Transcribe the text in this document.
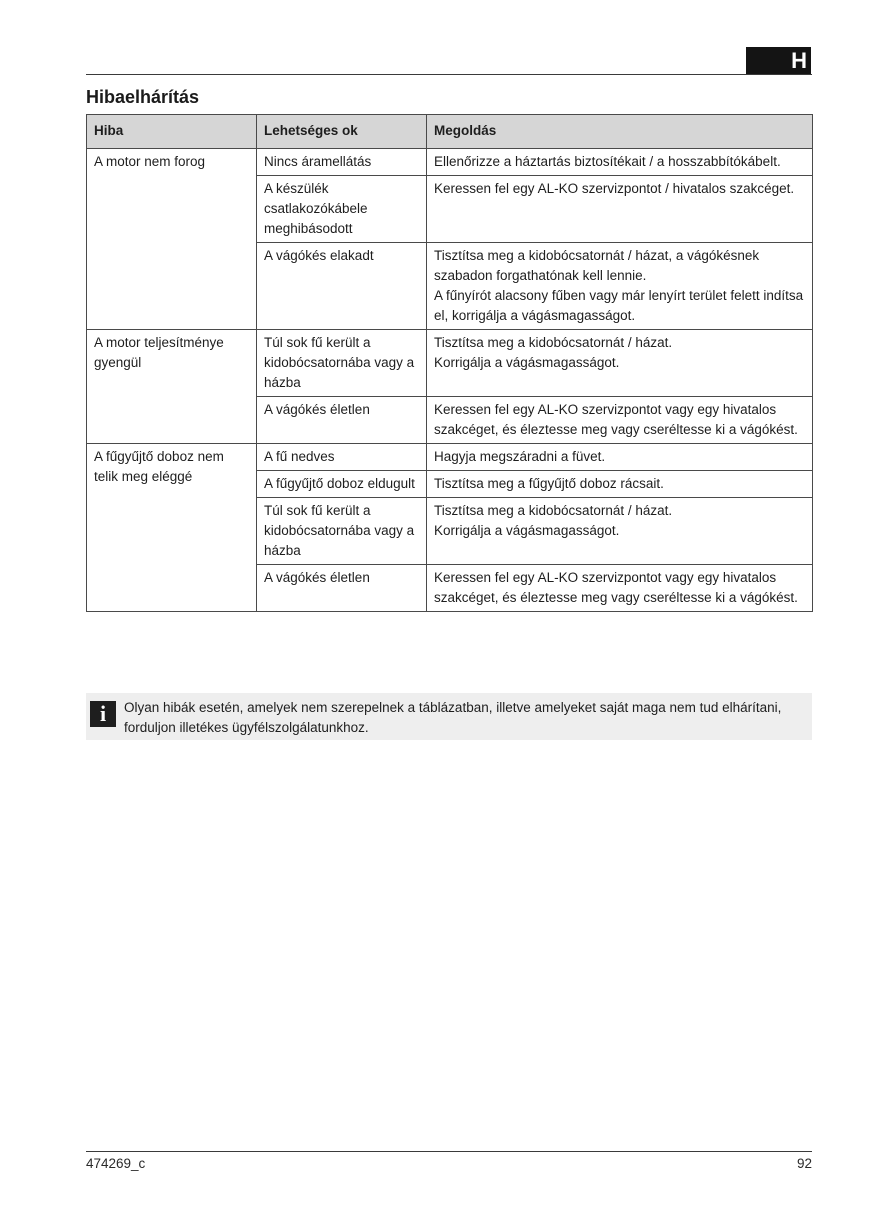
H
Hibaelhárítás
Hiba	Lehetséges ok	Megoldás
A motor nem forog	Nincs áramellátás	Ellenőrizze a háztartás biztosítékait / a hosszabbítókábelt.
	A készülék csatlakozókábele meghibásodott	Keressen fel egy AL-KO szervizpontot / hivatalos szakcéget.
	A vágókés elakadt	Tisztítsa meg a kidobócsatornát / házat, a vágókésnek szabadon forgathatónak kell lennie.
A fűnyírót alacsony fűben vagy már lenyírt terület felett indítsa el, korrigálja a vágásmagasságot.
A motor teljesítménye gyengül	Túl sok fű került a kidobócsatornába vagy a házba	Tisztítsa meg a kidobócsatornát / házat.
Korrigálja a vágásmagasságot.
	A vágókés életlen	Keressen fel egy AL-KO szervizpontot vagy egy hivatalos szakcéget, és éleztesse meg vagy cseréltesse ki a vágókést.
A fűgyűjtő doboz nem telik meg eléggé	A fű nedves	Hagyja megszáradni a füvet.
	A fűgyűjtő doboz eldugult	Tisztítsa meg a fűgyűjtő doboz rácsait.
	Túl sok fű került a kidobócsatornába vagy a házba	Tisztítsa meg a kidobócsatornát / házat.
Korrigálja a vágásmagasságot.
	A vágókés életlen	Keressen fel egy AL-KO szervizpontot vagy egy hivatalos szakcéget, és éleztesse meg vagy cseréltesse ki a vágókést.
i	Olyan hibák esetén, amelyek nem szerepelnek a táblázatban, illetve amelyeket saját maga nem tud elhárítani, forduljon illetékes ügyfélszolgálatunkhoz.
474269_c	92
